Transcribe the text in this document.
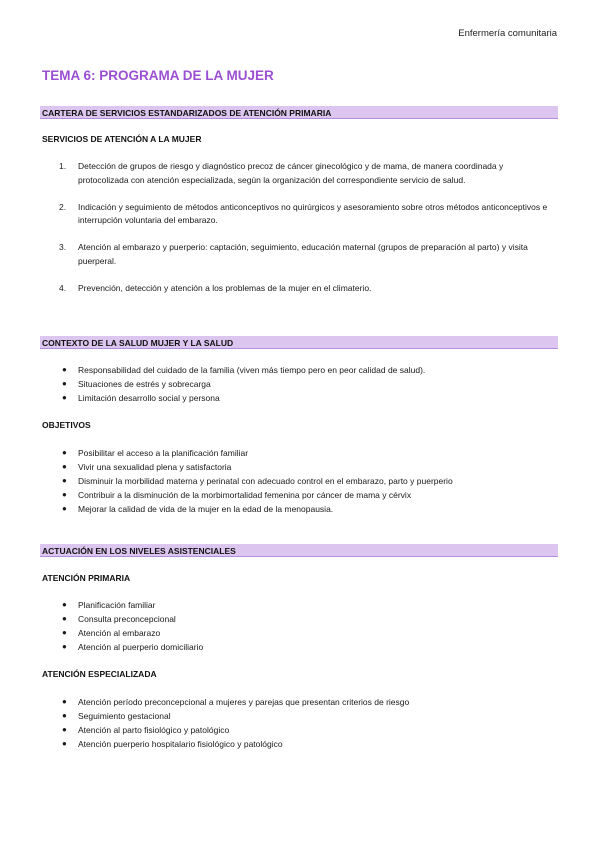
Enfermería comunitaria
TEMA 6: PROGRAMA DE LA MUJER
CARTERA DE SERVICIOS ESTANDARIZADOS DE ATENCIÓN PRIMARIA
SERVICIOS DE ATENCIÓN A LA MUJER
1. Detección de grupos de riesgo y diagnóstico precoz de cáncer ginecológico y de mama, de manera coordinada y protocolizada con atención especializada, según la organización del correspondiente servicio de salud.
2. Indicación y seguimiento de métodos anticonceptivos no quirúrgicos y asesoramiento sobre otros métodos anticonceptivos e interrupción voluntaria del embarazo.
3. Atención al embarazo y puerperio: captación, seguimiento, educación maternal (grupos de preparación al parto) y visita puerperal.
4. Prevención, detección y atención a los problemas de la mujer en el climaterio.
CONTEXTO DE LA SALUD MUJER Y LA SALUD
● Responsabilidad del cuidado de la familia (viven más tiempo pero en peor calidad de salud).
● Situaciones de estrés y sobrecarga
● Limitación desarrollo social y persona
OBJETIVOS
● Posibilitar el acceso a la planificación familiar
● Vivir una sexualidad plena y satisfactoria
● Disminuir la morbilidad materna y perinatal con adecuado control en el embarazo, parto y puerperio
● Contribuir a la disminución de la morbimortalidad femenina por cáncer de mama y cérvix
● Mejorar la calidad de vida de la mujer en la edad de la menopausia.
ACTUACIÓN EN LOS NIVELES ASISTENCIALES
ATENCIÓN PRIMARIA
● Planificación familiar
● Consulta preconcepcional
● Atención al embarazo
● Atención al puerperio domiciliario
ATENCIÓN ESPECIALIZADA
● Atención período preconcepcional a mujeres y parejas que presentan criterios de riesgo
● Seguimiento gestacional
● Atención al parto fisiológico y patológico
● Atención puerperio hospitalario fisiológico y patológico
